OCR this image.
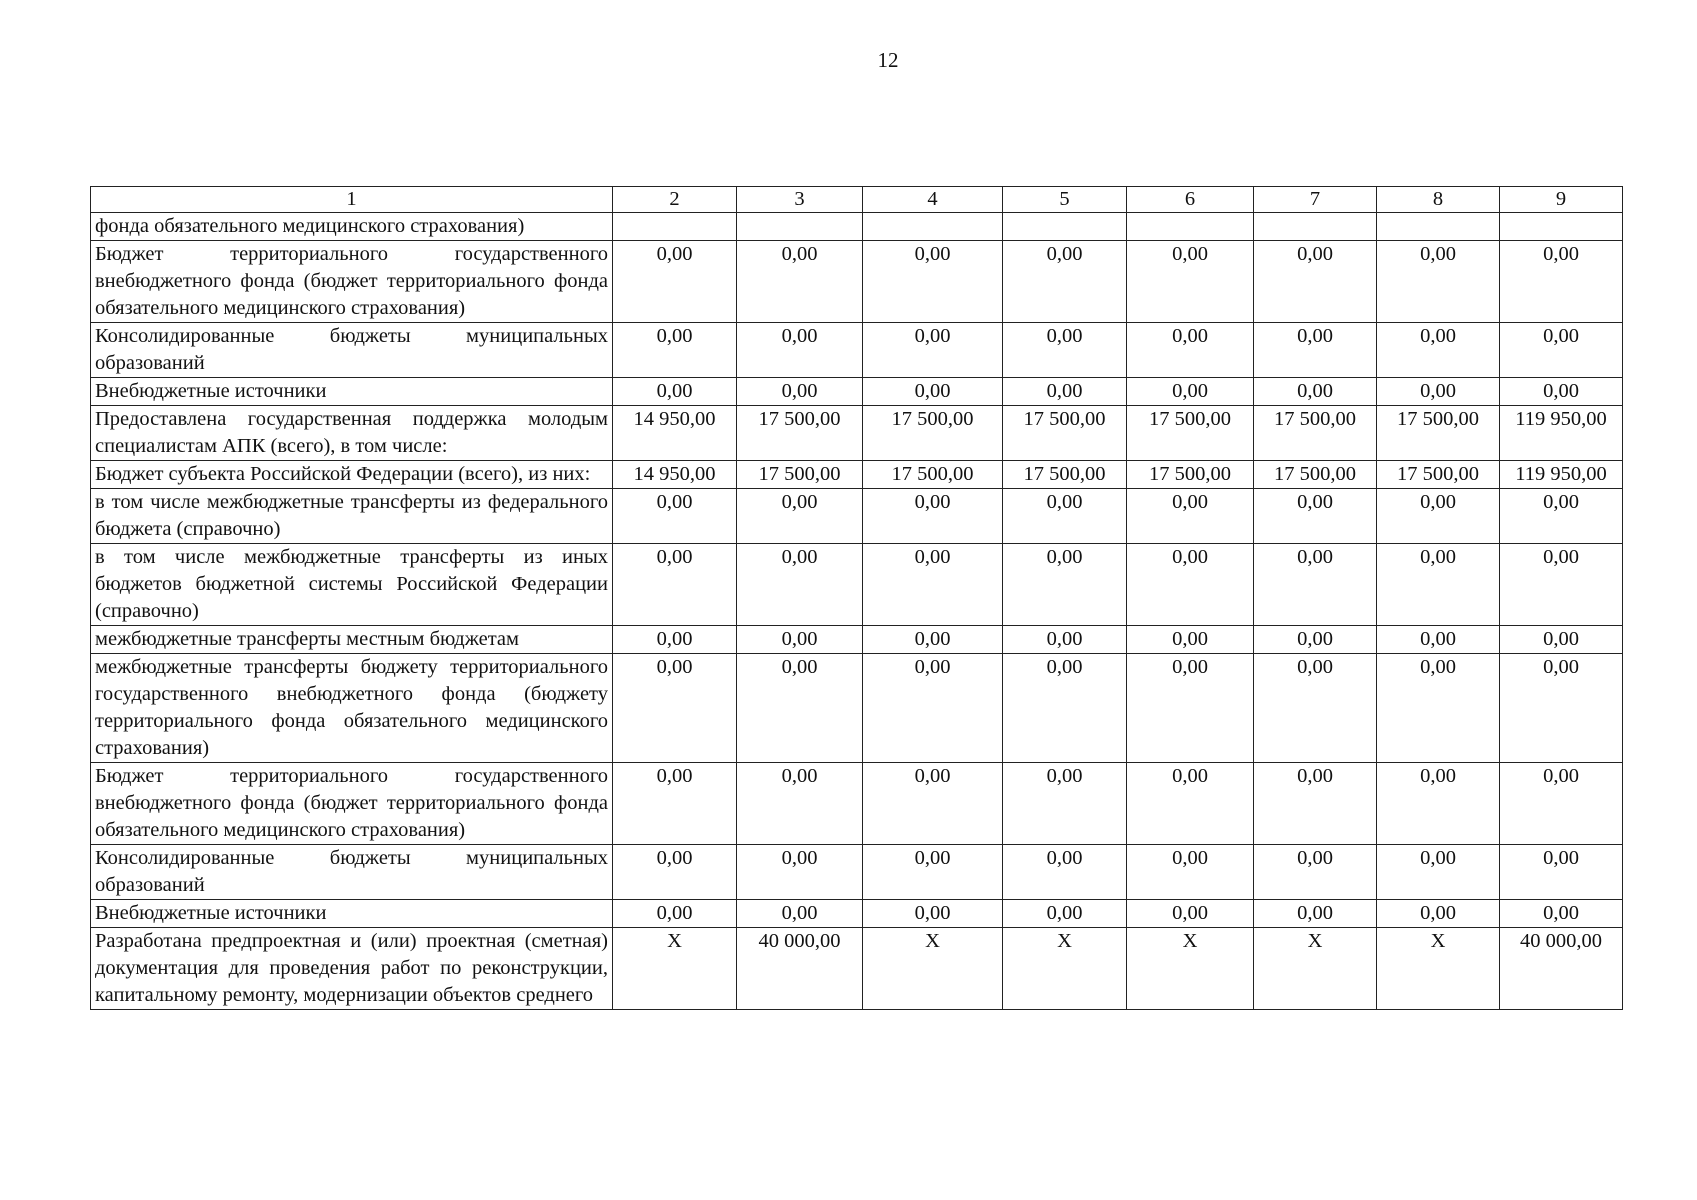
12
1	2	3	4	5	6	7	8	9
фонда обязательного медицинского страхования)								
Бюджет территориального государственного внебюджетного фонда (бюджет территориального фонда обязательного медицинского страхования)	0,00	0,00	0,00	0,00	0,00	0,00	0,00	0,00
Консолидированные бюджеты муниципальных образований	0,00	0,00	0,00	0,00	0,00	0,00	0,00	0,00
Внебюджетные источники	0,00	0,00	0,00	0,00	0,00	0,00	0,00	0,00
Предоставлена государственная поддержка молодым специалистам АПК (всего), в том числе:	14 950,00	17 500,00	17 500,00	17 500,00	17 500,00	17 500,00	17 500,00	119 950,00
Бюджет субъекта Российской Федерации (всего), из них:	14 950,00	17 500,00	17 500,00	17 500,00	17 500,00	17 500,00	17 500,00	119 950,00
в том числе межбюджетные трансферты из федерального бюджета (справочно)	0,00	0,00	0,00	0,00	0,00	0,00	0,00	0,00
в том числе межбюджетные трансферты из иных бюджетов бюджетной системы Российской Федерации (справочно)	0,00	0,00	0,00	0,00	0,00	0,00	0,00	0,00
межбюджетные трансферты местным бюджетам	0,00	0,00	0,00	0,00	0,00	0,00	0,00	0,00
межбюджетные трансферты бюджету территориального государственного внебюджетного фонда (бюджету территориального фонда обязательного медицинского страхования)	0,00	0,00	0,00	0,00	0,00	0,00	0,00	0,00
Бюджет территориального государственного внебюджетного фонда (бюджет территориального фонда обязательного медицинского страхования)	0,00	0,00	0,00	0,00	0,00	0,00	0,00	0,00
Консолидированные бюджеты муниципальных образований	0,00	0,00	0,00	0,00	0,00	0,00	0,00	0,00
Внебюджетные источники	0,00	0,00	0,00	0,00	0,00	0,00	0,00	0,00
Разработана предпроектная и (или) проектная (сметная) документация для проведения работ по реконструкции, капитальному ремонту, модернизации объектов среднего	X	40 000,00	X	X	X	X	X	40 000,00
